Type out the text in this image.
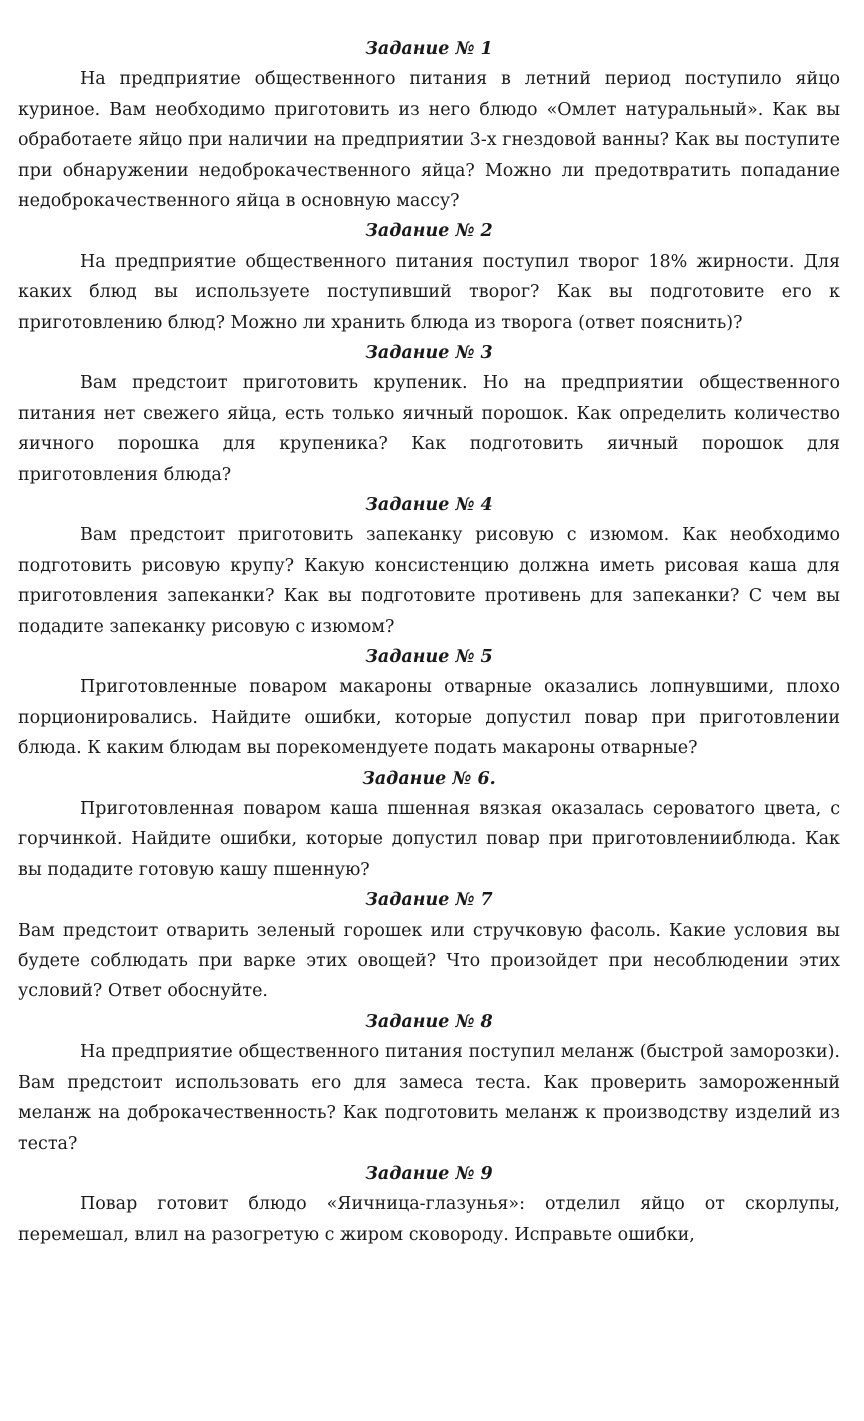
Задание № 1

На предприятие общественного питания в летний период поступило яйцо куриное. Вам необходимо приготовить из него блюдо «Омлет натуральный». Как вы обработаете яйцо при наличии на предприятии 3-х гнездовой ванны? Как вы поступите при обнаружении недоброкачественного яйца? Можно ли предотвратить попадание недоброкачественного яйца в основную массу?

Задание № 2

На предприятие общественного питания поступил творог 18% жирности. Для каких блюд вы используете поступивший творог? Как вы подготовите его к приготовлению блюд? Можно ли хранить блюда из творога (ответ пояснить)?

Задание № 3

Вам предстоит приготовить крупеник. Но на предприятии общественного питания нет свежего яйца, есть только яичный порошок. Как определить количество яичного порошка для крупеника? Как подготовить яичный порошок для приготовления блюда?

Задание № 4

Вам предстоит приготовить запеканку рисовую с изюмом. Как необходимо подготовить рисовую крупу? Какую консистенцию должна иметь рисовая каша для приготовления запеканки? Как вы подготовите противень для запеканки? С чем вы подадите запеканку рисовую с изюмом?

Задание № 5

Приготовленные поваром макароны отварные оказались лопнувшими, плохо порционировались. Найдите ошибки, которые допустил повар при приготовлении блюда. К каким блюдам вы порекомендуете подать макароны отварные?

Задание № 6.

Приготовленная поваром каша пшенная вязкая оказалась сероватого цвета, с горчинкой. Найдите ошибки, которые допустил повар при приготовленииблюда. Как вы подадите готовую кашу пшенную?

Задание № 7

Вам предстоит отварить зеленый горошек или стручковую фасоль. Какие условия вы будете соблюдать при варке этих овощей? Что произойдет при несоблюдении этих условий? Ответ обоснуйте.

Задание № 8

На предприятие общественного питания поступил меланж (быстрой заморозки). Вам предстоит использовать его для замеса теста. Как проверить замороженный меланж на доброкачественность? Как подготовить меланж к производству изделий из теста?

Задание № 9

Повар готовит блюдо «Яичница-глазунья»: отделил яйцо от скорлупы, перемешал, влил на разогретую с жиром сковороду. Исправьте ошибки,
